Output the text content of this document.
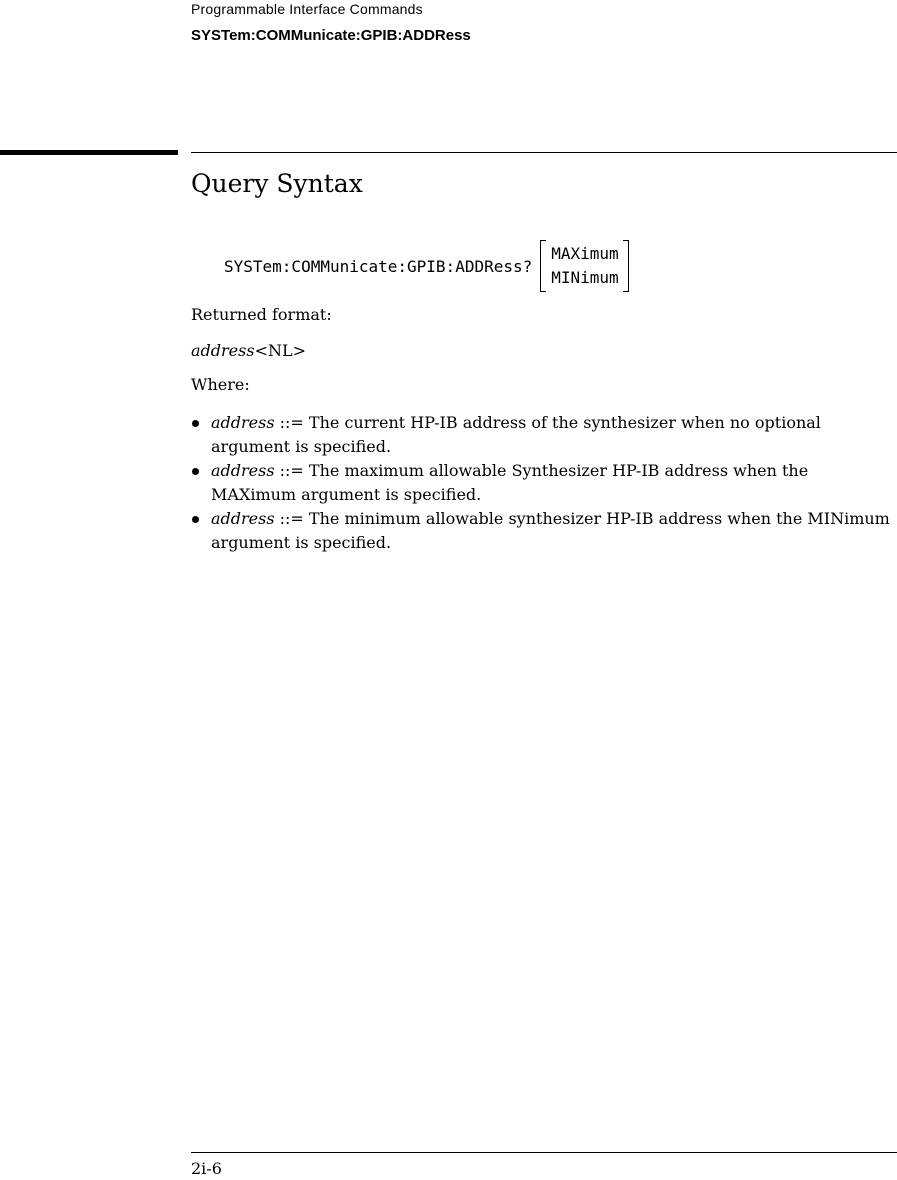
Programmable Interface Commands
SYSTem:COMMunicate:GPIB:ADDRess
Query Syntax
SYSTem:COMMunicate:GPIB:ADDRess?
MAXimum
MINimum

Returned format:

address<NL>

Where:

address ::= The current HP-IB address of the synthesizer when no optional argument is specified.
address ::= The maximum allowable Synthesizer HP-IB address when the MAXimum argument is specified.
address ::= The minimum allowable synthesizer HP-IB address when the MINimum argument is specified.
2i-6
